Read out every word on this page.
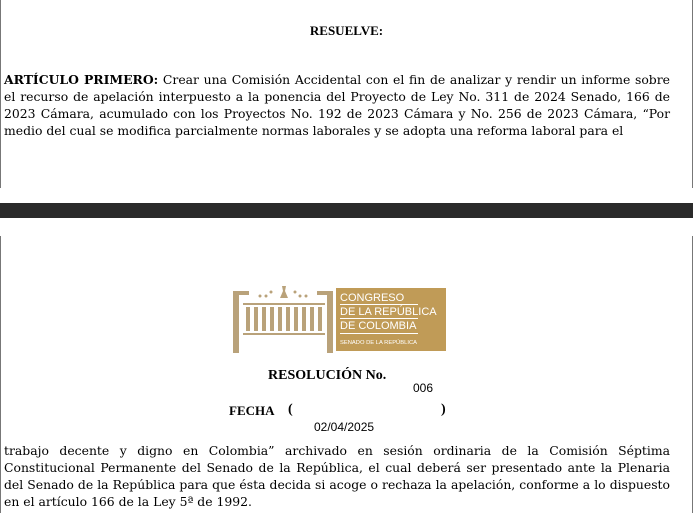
RESUELVE:
ARTÍCULO PRIMERO: Crear una Comisión Accidental con el fin de analizar y rendir un informe sobre el recurso de apelación interpuesto a la ponencia del Proyecto de Ley No. 311 de 2024 Senado, 166 de 2023 Cámara, acumulado con los Proyectos No. 192 de 2023 Cámara y No. 256 de 2023 Cámara, “Por medio del cual se modifica parcialmente normas laborales y se adopta una reforma laboral para el
CONGRESO
DE LA REPÚBLICA
DE COLOMBIA
SENADO DE LA REPÚBLICA
RESOLUCIÓN No.
006
FECHA (	)
02/04/2025
trabajo decente y digno en Colombia” archivado en sesión ordinaria de la Comisión Séptima Constitucional Permanente del Senado de la República, el cual deberá ser presentado ante la Plenaria del Senado de la República para que ésta decida si acoge o rechaza la apelación, conforme a lo dispuesto en el artículo 166 de la Ley 5ª de 1992.
